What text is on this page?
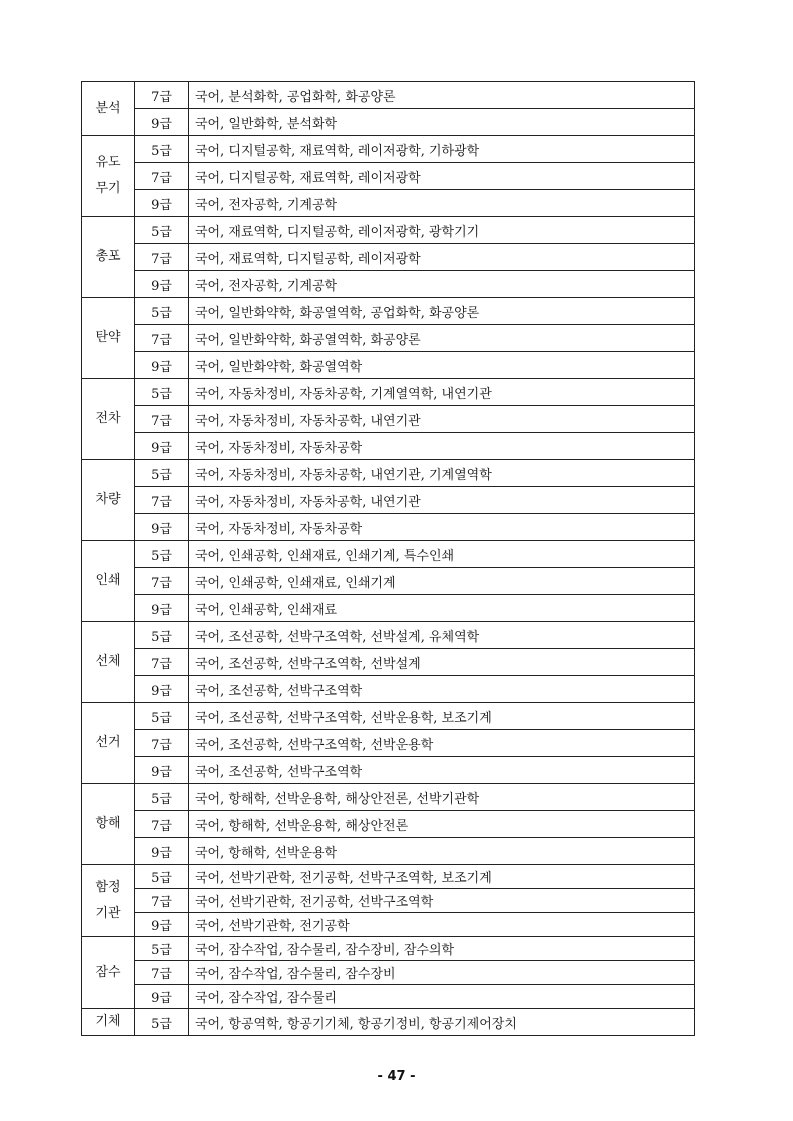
분석	7급	국어, 분석화학, 공업화학, 화공양론
	9급	국어, 일반화학, 분석화학
유도
무기	5급	국어, 디지털공학, 재료역학, 레이저광학, 기하광학
	7급	국어, 디지털공학, 재료역학, 레이저광학
	9급	국어, 전자공학, 기계공학
총포	5급	국어, 재료역학, 디지털공학, 레이저광학, 광학기기
	7급	국어, 재료역학, 디지털공학, 레이저광학
	9급	국어, 전자공학, 기계공학
탄약	5급	국어, 일반화약학, 화공열역학, 공업화학, 화공양론
	7급	국어, 일반화약학, 화공열역학, 화공양론
	9급	국어, 일반화약학, 화공열역학
전차	5급	국어, 자동차정비, 자동차공학, 기계열역학, 내연기관
	7급	국어, 자동차정비, 자동차공학, 내연기관
	9급	국어, 자동차정비, 자동차공학
차량	5급	국어, 자동차정비, 자동차공학, 내연기관, 기계열역학
	7급	국어, 자동차정비, 자동차공학, 내연기관
	9급	국어, 자동차정비, 자동차공학
인쇄	5급	국어, 인쇄공학, 인쇄재료, 인쇄기계, 특수인쇄
	7급	국어, 인쇄공학, 인쇄재료, 인쇄기계
	9급	국어, 인쇄공학, 인쇄재료
선체	5급	국어, 조선공학, 선박구조역학, 선박설계, 유체역학
	7급	국어, 조선공학, 선박구조역학, 선박설계
	9급	국어, 조선공학, 선박구조역학
선거	5급	국어, 조선공학, 선박구조역학, 선박운용학, 보조기계
	7급	국어, 조선공학, 선박구조역학, 선박운용학
	9급	국어, 조선공학, 선박구조역학
항해	5급	국어, 항해학, 선박운용학, 해상안전론, 선박기관학
	7급	국어, 항해학, 선박운용학, 해상안전론
	9급	국어, 항해학, 선박운용학
함정
기관	5급	국어, 선박기관학, 전기공학, 선박구조역학, 보조기계
	7급	국어, 선박기관학, 전기공학, 선박구조역학
	9급	국어, 선박기관학, 전기공학
잠수	5급	국어, 잠수작업, 잠수물리, 잠수장비, 잠수의학
	7급	국어, 잠수작업, 잠수물리, 잠수장비
	9급	국어, 잠수작업, 잠수물리
기체	5급	국어, 항공역학, 항공기기체, 항공기정비, 항공기제어장치
- 47 -
